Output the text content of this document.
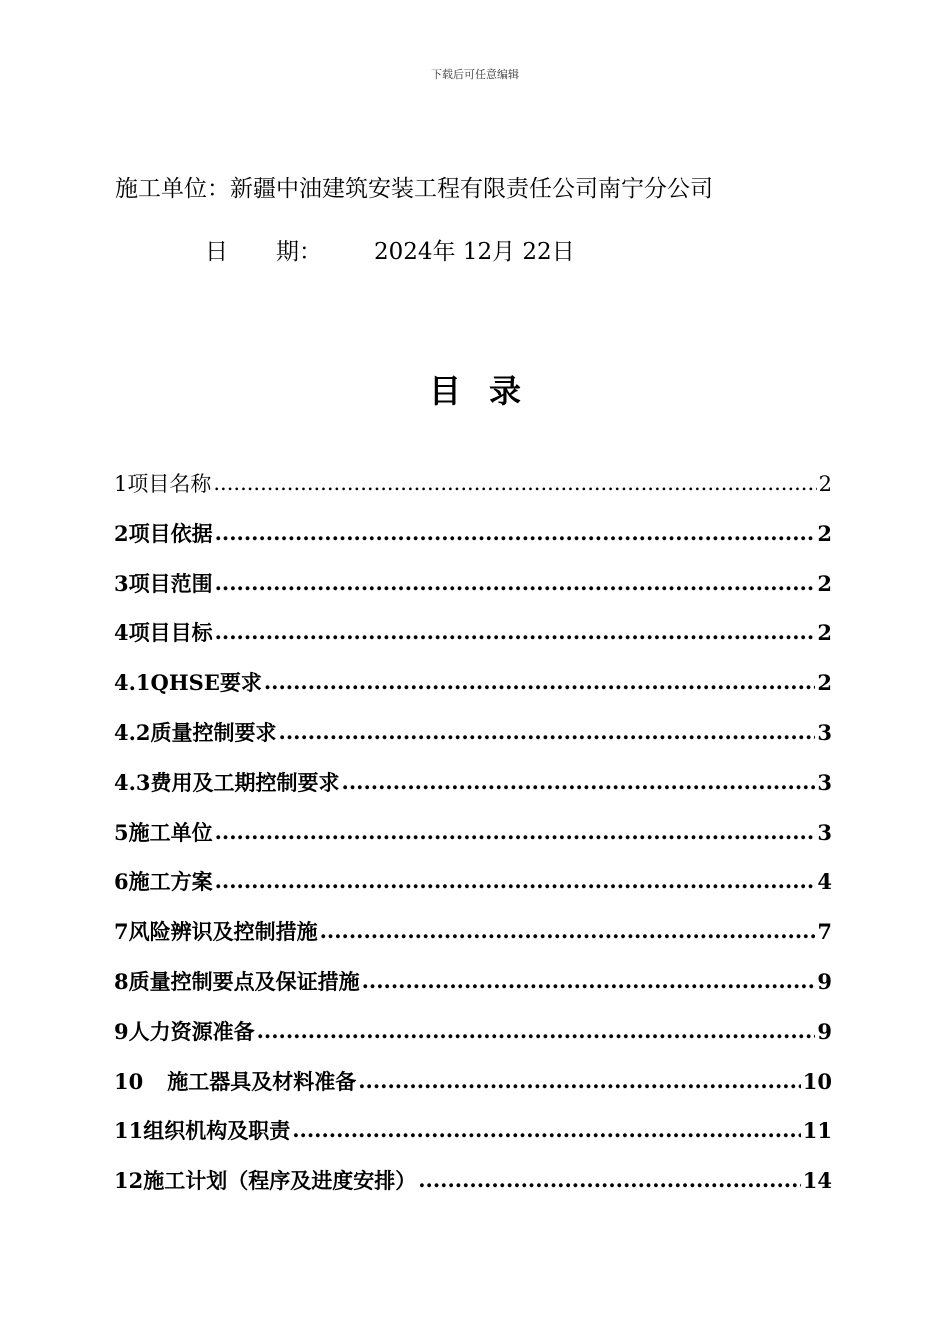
下载后可任意编辑
施工单位：新疆中油建筑安装工程有限责任公司南宁分公司
日 期： 2024年 12月 22日
目录
1 项目名称 .....	2
2 项目依据 .....	2
3 项目范围 .....	2
4 项目目标 .....	2
4.1 QHSE要求 .....	2
4.2 质量控制要求 .....	3
4.3 费用及工期控制要求 .....	3
5 施工单位 .....	3
6 施工方案 .....	4
7 风险辨识及控制措施 .....	7
8 质量控制要点及保证措施 .....	9
9 人力资源准备 .....	9
10 施工器具及材料准备 .....	10
11 组织机构及职责 .....	11
12 施工计划（程序及进度安排） .....	14
